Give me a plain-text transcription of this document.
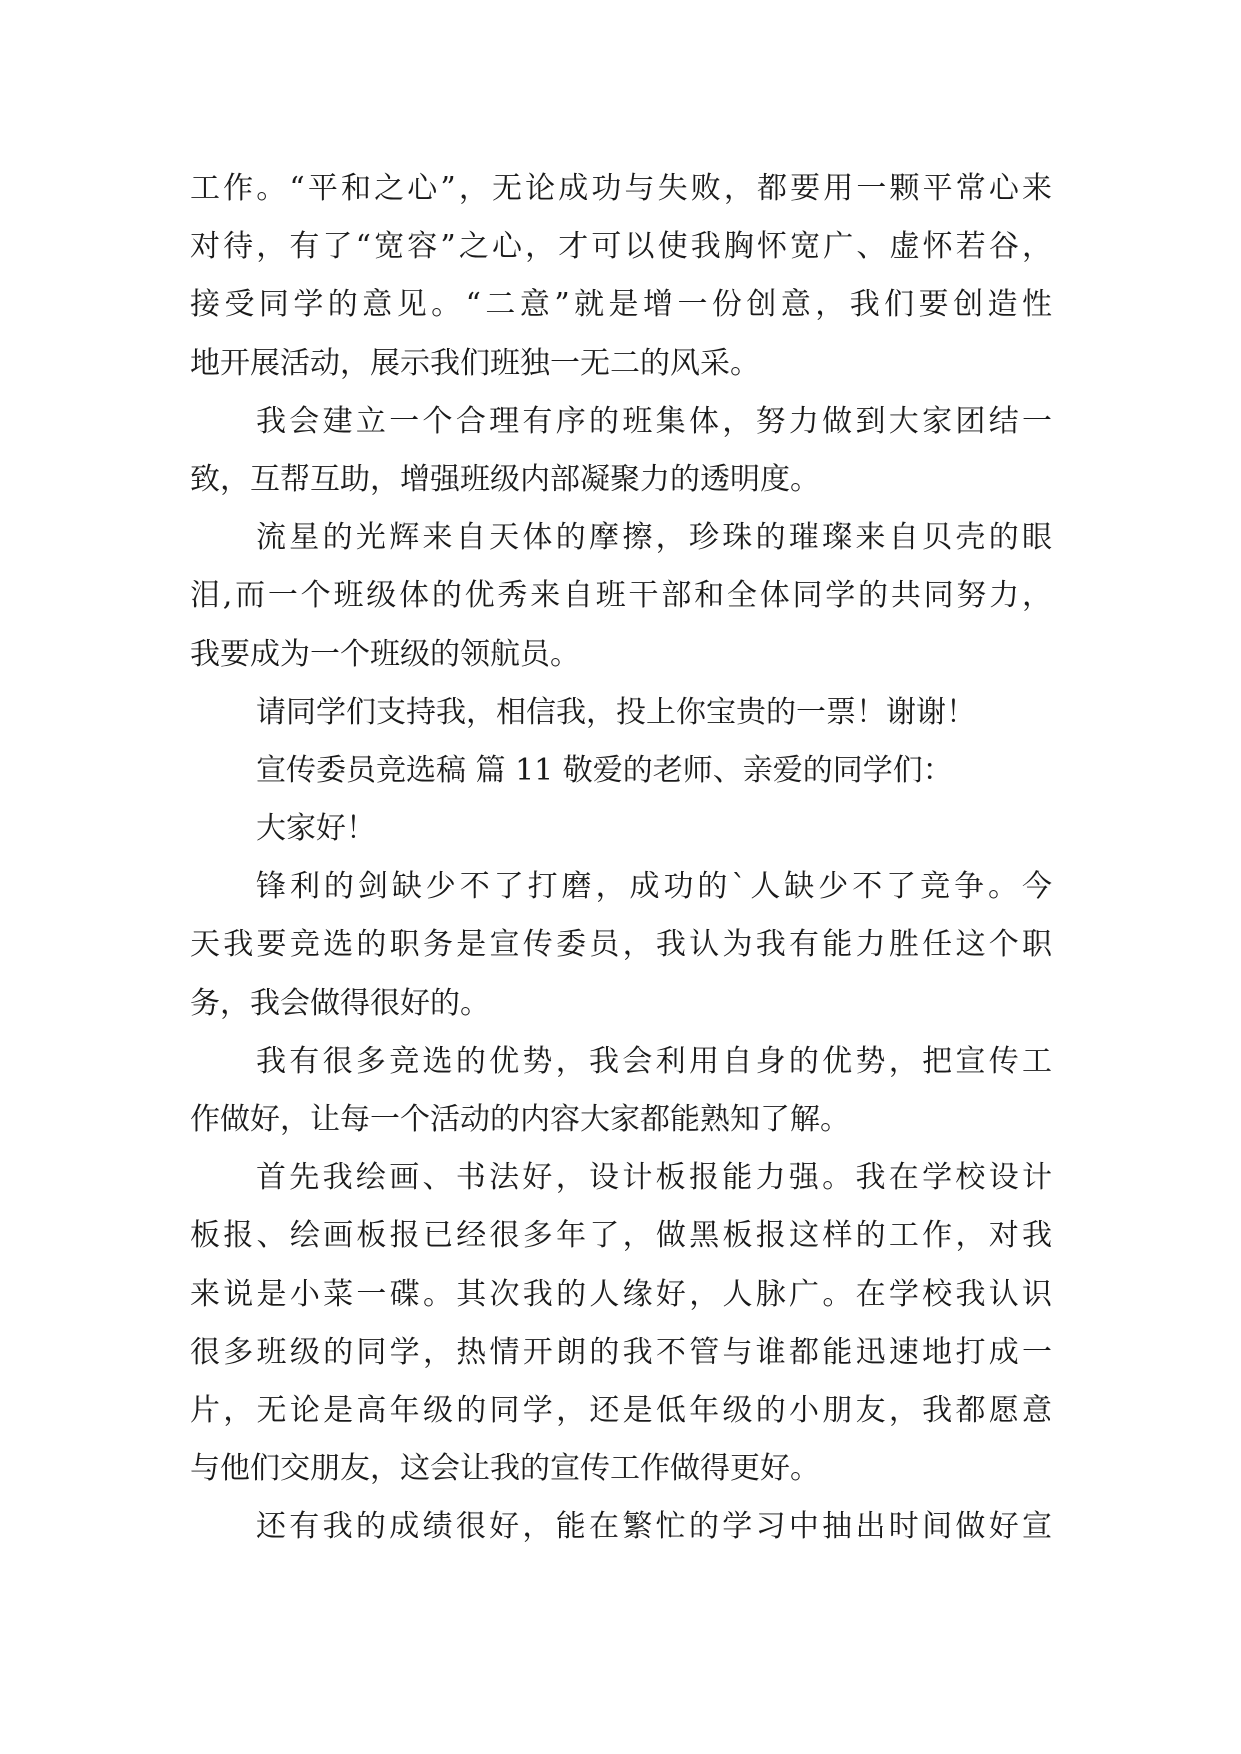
工作。“平和之心”，无论成功与失败，都要用一颗平常心来
对待，有了“宽容”之心，才可以使我胸怀宽广、虚怀若谷，
接受同学的意见。“二意”就是增一份创意，我们要创造性
地开展活动，展示我们班独一无二的风采。
我会建立一个合理有序的班集体，努力做到大家团结一
致，互帮互助，增强班级内部凝聚力的透明度。
流星的光辉来自天体的摩擦，珍珠的璀璨来自贝壳的眼
泪,而一个班级体的优秀来自班干部和全体同学的共同努力，
我要成为一个班级的领航员。
请同学们支持我，相信我，投上你宝贵的一票！谢谢！
宣传委员竞选稿 篇 11 敬爱的老师、亲爱的同学们：
大家好！
锋利的剑缺少不了打磨，成功的`人缺少不了竞争。今
天我要竞选的职务是宣传委员，我认为我有能力胜任这个职
务，我会做得很好的。
我有很多竞选的优势，我会利用自身的优势，把宣传工
作做好，让每一个活动的内容大家都能熟知了解。
首先我绘画、书法好，设计板报能力强。我在学校设计
板报、绘画板报已经很多年了，做黑板报这样的工作，对我
来说是小菜一碟。其次我的人缘好，人脉广。在学校我认识
很多班级的同学，热情开朗的我不管与谁都能迅速地打成一
片，无论是高年级的同学，还是低年级的小朋友，我都愿意
与他们交朋友，这会让我的宣传工作做得更好。
还有我的成绩很好，能在繁忙的学习中抽出时间做好宣
